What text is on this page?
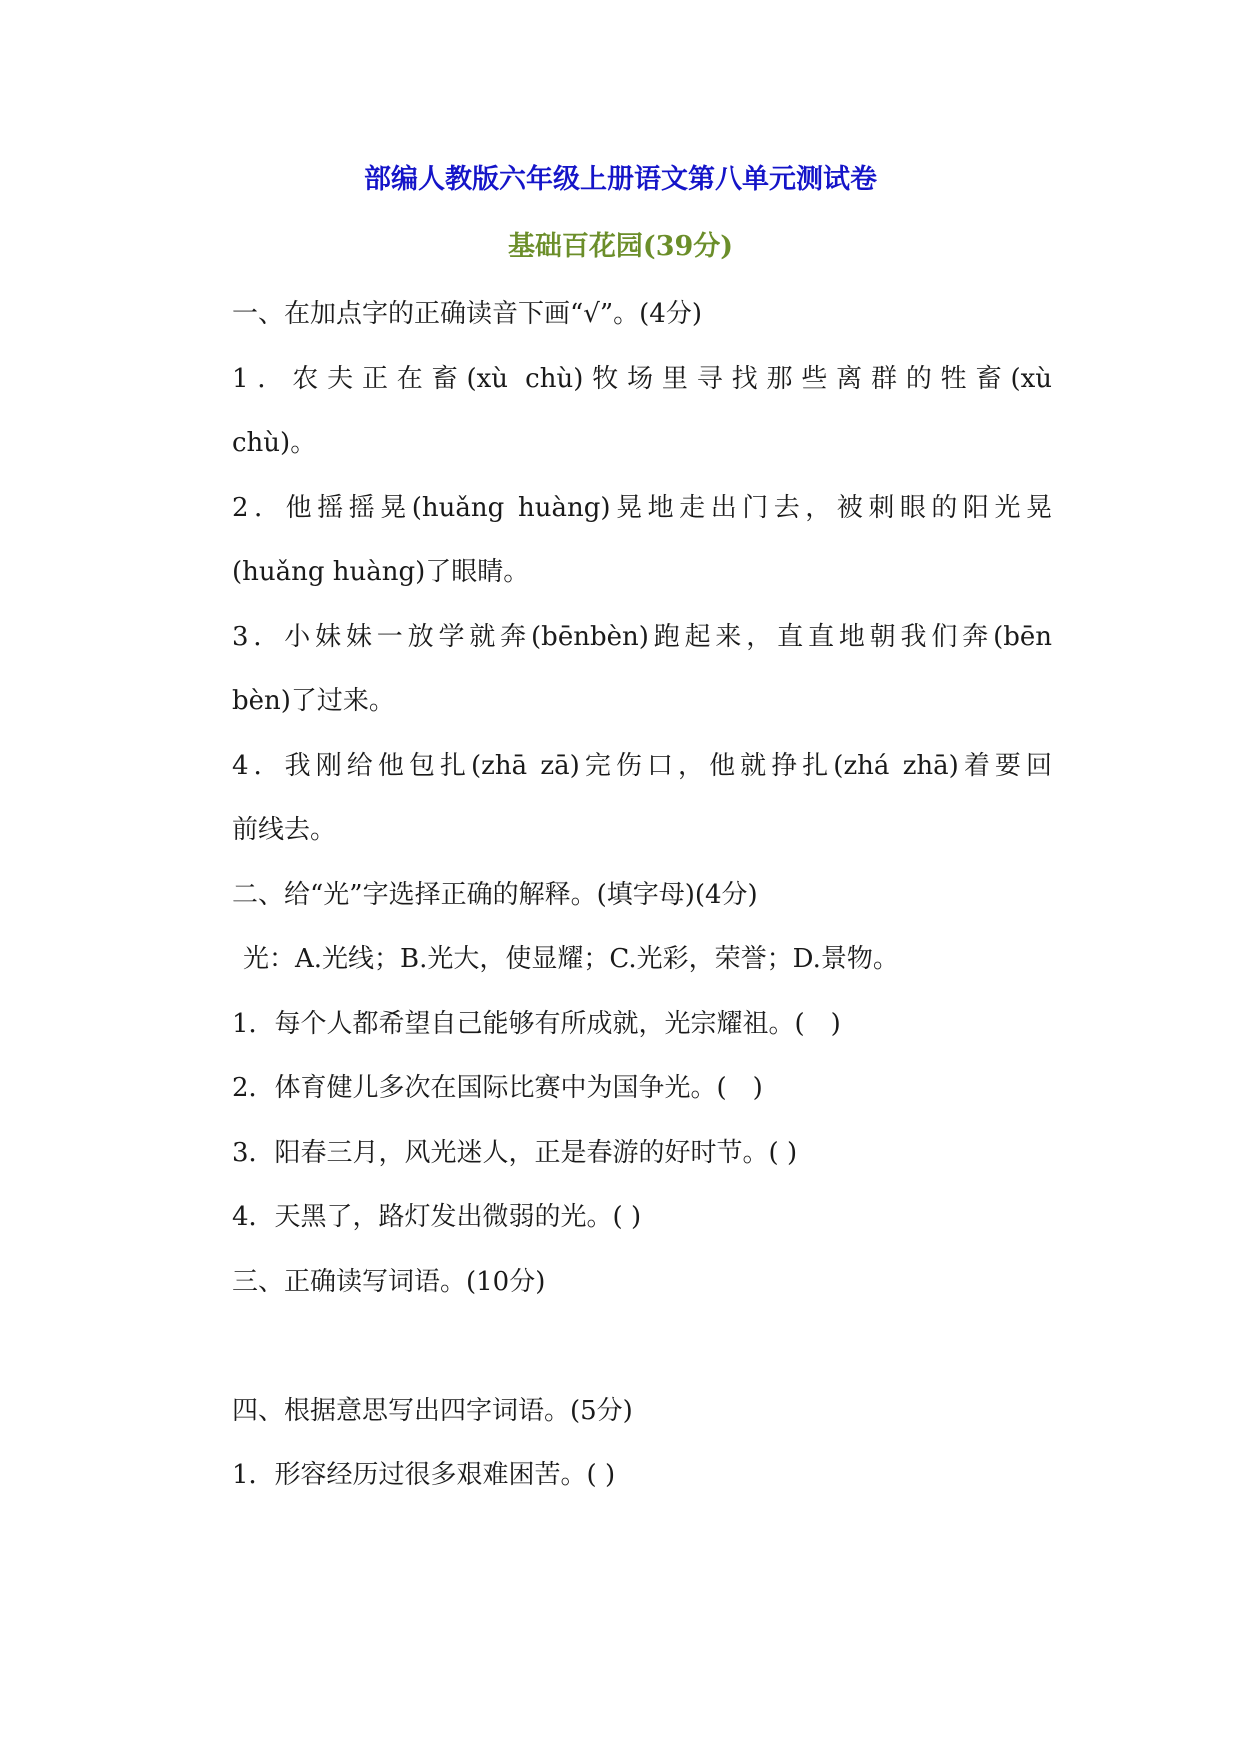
部编人教版六年级上册语文第八单元测试卷
基础百花园(39分)
一、在加点字的正确读音下画“√”。(4分)
1．农夫正在畜(xù chù)牧场里寻找那些离群的牲畜(xù
chù)。
2．他摇摇晃(huǎng huàng)晃地走出门去，被刺眼的阳光晃
(huǎng huàng)了眼睛。
3．小妹妹一放学就奔(bēnbèn)跑起来，直直地朝我们奔(bēn
bèn)了过来。
4．我刚给他包扎(zhā zā)完伤口，他就挣扎(zhá zhā)着要回
前线去。
二、给“光”字选择正确的解释。(填字母)(4分)
光：A.光线；B.光大，使显耀；C.光彩，荣誉；D.景物。
1．每个人都希望自己能够有所成就，光宗耀祖。(　)
2．体育健儿多次在国际比赛中为国争光。(　)
3．阳春三月，风光迷人，正是春游的好时节。( )
4．天黑了，路灯发出微弱的光。( )
三、正确读写词语。(10分)
四、根据意思写出四字词语。(5分)
1．形容经历过很多艰难困苦。( )
